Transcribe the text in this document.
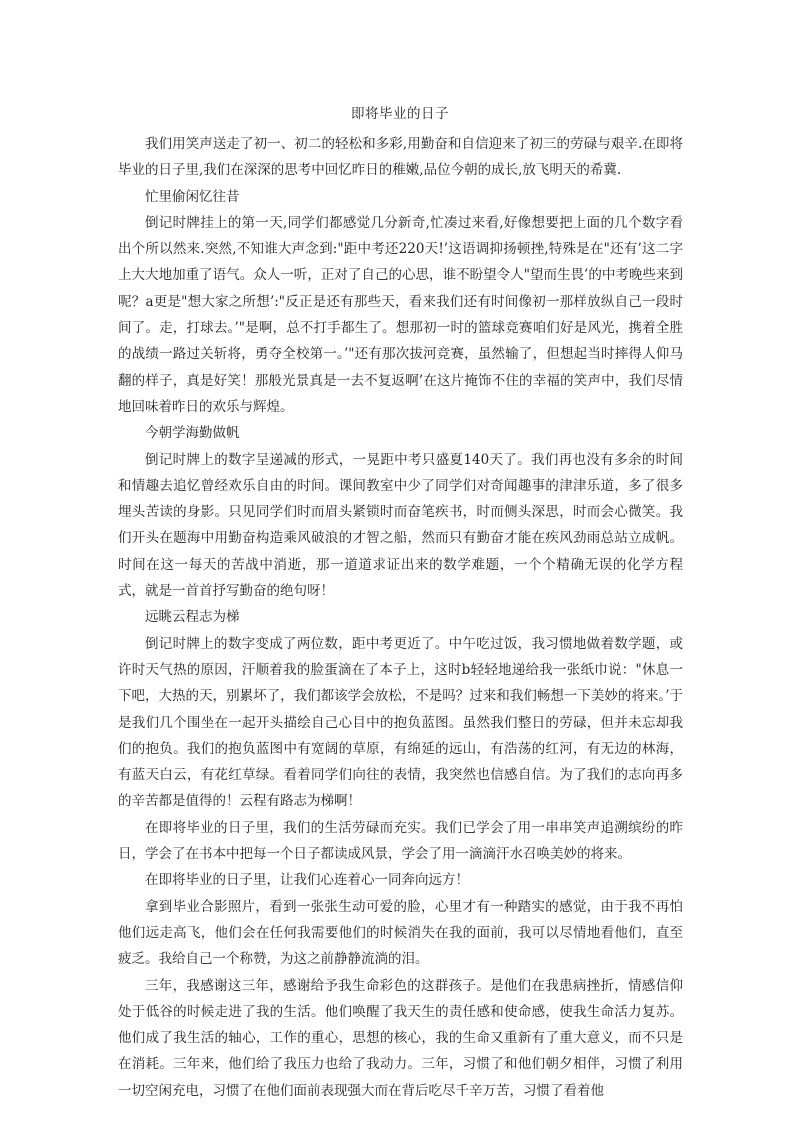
即将毕业的日子

我们用笑声送走了初一、初二的轻松和多彩,用勤奋和自信迎来了初三的劳碌与艰辛.在即将毕业的日子里,我们在深深的思考中回忆昨日的稚嫩,品位今朝的成长,放飞明天的希冀.

忙里偷闲忆往昔

倒记时牌挂上的第一天,同学们都感觉几分新奇,忙凑过来看,好像想要把上面的几个数字看出个所以然来.突然,不知谁大声念到:"距中考还220天!’这语调抑扬顿挫,特殊是在"还有’这二字上大大地加重了语气。众人一听，正对了自己的心思，谁不盼望令人"望而生畏’的中考晚些来到呢？a更是"想大家之所想’:"反正是还有那些天，看来我们还有时间像初一那样放纵自己一段时间了。走，打球去。’"是啊，总不打手都生了。想那初一时的篮球竞赛咱们好是风光，携着全胜的战绩一路过关斩将，勇夺全校第一。’"还有那次拔河竞赛，虽然输了，但想起当时摔得人仰马翻的样子，真是好笑！那般光景真是一去不复返啊’在这片掩饰不住的幸福的笑声中，我们尽情地回味着昨日的欢乐与辉煌。

今朝学海勤做帆

倒记时牌上的数字呈递减的形式，一晃距中考只盛夏140天了。我们再也没有多余的时间和情趣去追忆曾经欢乐自由的时间。课间教室中少了同学们对奇闻趣事的津津乐道，多了很多埋头苦读的身影。只见同学们时而眉头紧锁时而奋笔疾书，时而侧头深思，时而会心微笑。我们开头在题海中用勤奋构造乘风破浪的才智之船，然而只有勤奋才能在疾风劲雨总站立成帆。时间在这一每天的苦战中消逝，那一道道求证出来的数学难题，一个个精确无误的化学方程式，就是一首首抒写勤奋的绝句呀！

远眺云程志为梯

倒记时牌上的数字变成了两位数，距中考更近了。中午吃过饭，我习惯地做着数学题，或许时天气热的原因，汗顺着我的脸蛋滴在了本子上，这时b轻轻地递给我一张纸巾说："休息一下吧，大热的天，别累坏了，我们都该学会放松，不是吗？过来和我们畅想一下美妙的将来。’于是我们几个围坐在一起开头描绘自己心目中的抱负蓝图。虽然我们整日的劳碌，但并未忘却我们的抱负。我们的抱负蓝图中有宽阔的草原，有绵延的远山，有浩荡的红河，有无边的林海，有蓝天白云，有花红草绿。看着同学们向往的表情，我突然也信感自信。为了我们的志向再多的辛苦都是值得的！云程有路志为梯啊！

在即将毕业的日子里，我们的生活劳碌而充实。我们已学会了用一串串笑声追溯缤纷的昨日，学会了在书本中把每一个日子都读成风景，学会了用一滴滴汗水召唤美妙的将来。

在即将毕业的日子里，让我们心连着心一同奔向远方！

拿到毕业合影照片，看到一张张生动可爱的脸，心里才有一种踏实的感觉，由于我不再怕他们远走高飞，他们会在任何我需要他们的时候消失在我的面前，我可以尽情地看他们，直至疲乏。我给自己一个称赞，为这之前静静流淌的泪。

三年，我感谢这三年，感谢给予我生命彩色的这群孩子。是他们在我患病挫折，情感信仰处于低谷的时候走进了我的生活。他们唤醒了我天生的责任感和使命感，使我生命活力复苏。他们成了我生活的轴心，工作的重心，思想的核心，我的生命又重新有了重大意义，而不只是在消耗。三年来，他们给了我压力也给了我动力。三年，习惯了和他们朝夕相伴，习惯了利用一切空闲充电，习惯了在他们面前表现强大而在背后吃尽千辛万苦，习惯了看着他
